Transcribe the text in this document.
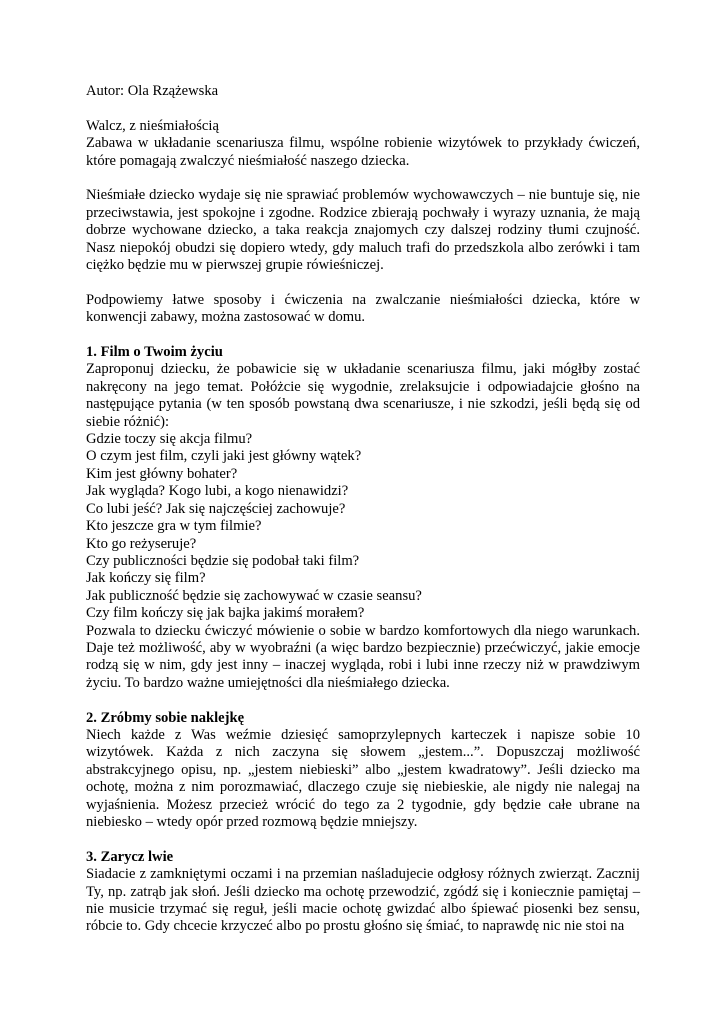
Autor: Ola Rzążewska

Walcz, z nieśmiałością

Zabawa w układanie scenariusza filmu, wspólne robienie wizytówek to przykłady ćwiczeń, które pomagają zwalczyć nieśmiałość naszego dziecka.

Nieśmiałe dziecko wydaje się nie sprawiać problemów wychowawczych – nie buntuje się, nie przeciwstawia, jest spokojne i zgodne. Rodzice zbierają pochwały i wyrazy uznania, że mają dobrze wychowane dziecko, a taka reakcja znajomych czy dalszej rodziny tłumi czujność. Nasz niepokój obudzi się dopiero wtedy, gdy maluch trafi do przedszkola albo zerówki i tam ciężko będzie mu w pierwszej grupie rówieśniczej.

Podpowiemy łatwe sposoby i ćwiczenia na zwalczanie nieśmiałości dziecka, które w konwencji zabawy, można zastosować w domu.

1. Film o Twoim życiu

Zaproponuj dziecku, że pobawicie się w układanie scenariusza filmu, jaki mógłby zostać nakręcony na jego temat. Połóżcie się wygodnie, zrelaksujcie i odpowiadajcie głośno na następujące pytania (w ten sposób powstaną dwa scenariusze, i nie szkodzi, jeśli będą się od siebie różnić):

Gdzie toczy się akcja filmu?
O czym jest film, czyli jaki jest główny wątek?
Kim jest główny bohater?
Jak wygląda? Kogo lubi, a kogo nienawidzi?
Co lubi jeść? Jak się najczęściej zachowuje?
Kto jeszcze gra w tym filmie?
Kto go reżyseruje?
Czy publiczności będzie się podobał taki film?
Jak kończy się film?
Jak publiczność będzie się zachowywać w czasie seansu?
Czy film kończy się jak bajka jakimś morałem?

Pozwala to dziecku ćwiczyć mówienie o sobie w bardzo komfortowych dla niego warunkach. Daje też możliwość, aby w wyobraźni (a więc bardzo bezpiecznie) przećwiczyć, jakie emocje rodzą się w nim, gdy jest inny – inaczej wygląda, robi i lubi inne rzeczy niż w prawdziwym życiu. To bardzo ważne umiejętności dla nieśmiałego dziecka.

2. Zróbmy sobie naklejkę

Niech każde z Was weźmie dziesięć samoprzylepnych karteczek i napisze sobie 10 wizytówek. Każda z nich zaczyna się słowem „jestem...”. Dopuszczaj możliwość abstrakcyjnego opisu, np. „jestem niebieski” albo „jestem kwadratowy”. Jeśli dziecko ma ochotę, można z nim porozmawiać, dlaczego czuje się niebieskie, ale nigdy nie nalegaj na wyjaśnienia. Możesz przecież wrócić do tego za 2 tygodnie, gdy będzie całe ubrane na niebiesko – wtedy opór przed rozmową będzie mniejszy.

3. Zarycz lwie

Siadacie z zamkniętymi oczami i na przemian naśladujecie odgłosy różnych zwierząt. Zacznij Ty, np. zatrąb jak słoń. Jeśli dziecko ma ochotę przewodzić, zgódź się i koniecznie pamiętaj – nie musicie trzymać się reguł, jeśli macie ochotę gwizdać albo śpiewać piosenki bez sensu, róbcie to. Gdy chcecie krzyczeć albo po prostu głośno się śmiać, to naprawdę nic nie stoi na
